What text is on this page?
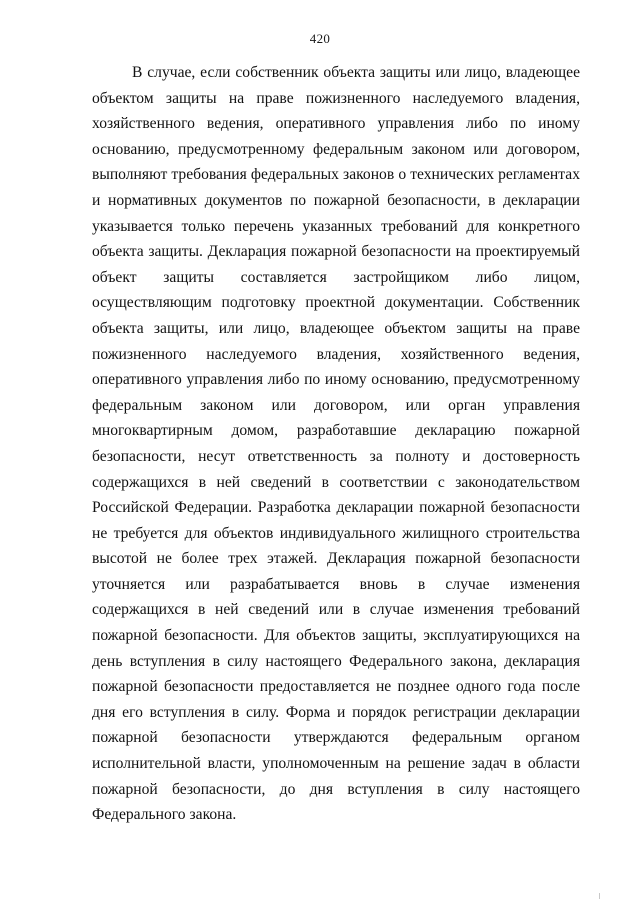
420

В случае, если собственник объекта защиты или лицо, владеющее объектом защиты на праве пожизненного наследуемого владения, хозяйственного ведения, оперативного управления либо по иному основанию, предусмотренному федеральным законом или договором, выполняют требования федеральных законов о технических регламентах и нормативных документов по пожарной безопасности, в декларации указывается только перечень указанных требований для конкретного объекта защиты. Декларация пожарной безопасности на проектируемый объект защиты составляется застройщиком либо лицом, осуществляющим подготовку проектной документации. Собственник объекта защиты, или лицо, владеющее объектом защиты на праве пожизненного наследуемого владения, хозяйственного ведения, оперативного управления либо по иному основанию, предусмотренному федеральным законом или договором, или орган управления многоквартирным домом, разработавшие декларацию пожарной безопасности, несут ответственность за полноту и достоверность содержащихся в ней сведений в соответствии с законодательством Российской Федерации. Разработка декларации пожарной безопасности не требуется для объектов индивидуального жилищного строительства высотой не более трех этажей. Декларация пожарной безопасности уточняется или разрабатывается вновь в случае изменения содержащихся в ней сведений или в случае изменения требований пожарной безопасности. Для объектов защиты, эксплуатирующихся на день вступления в силу настоящего Федерального закона, декларация пожарной безопасности предоставляется не позднее одного года после дня его вступления в силу. Форма и порядок регистрации декларации пожарной безопасности утверждаются федеральным органом исполнительной власти, уполномоченным на решение задач в области пожарной безопасности, до дня вступления в силу настоящего Федерального закона.
